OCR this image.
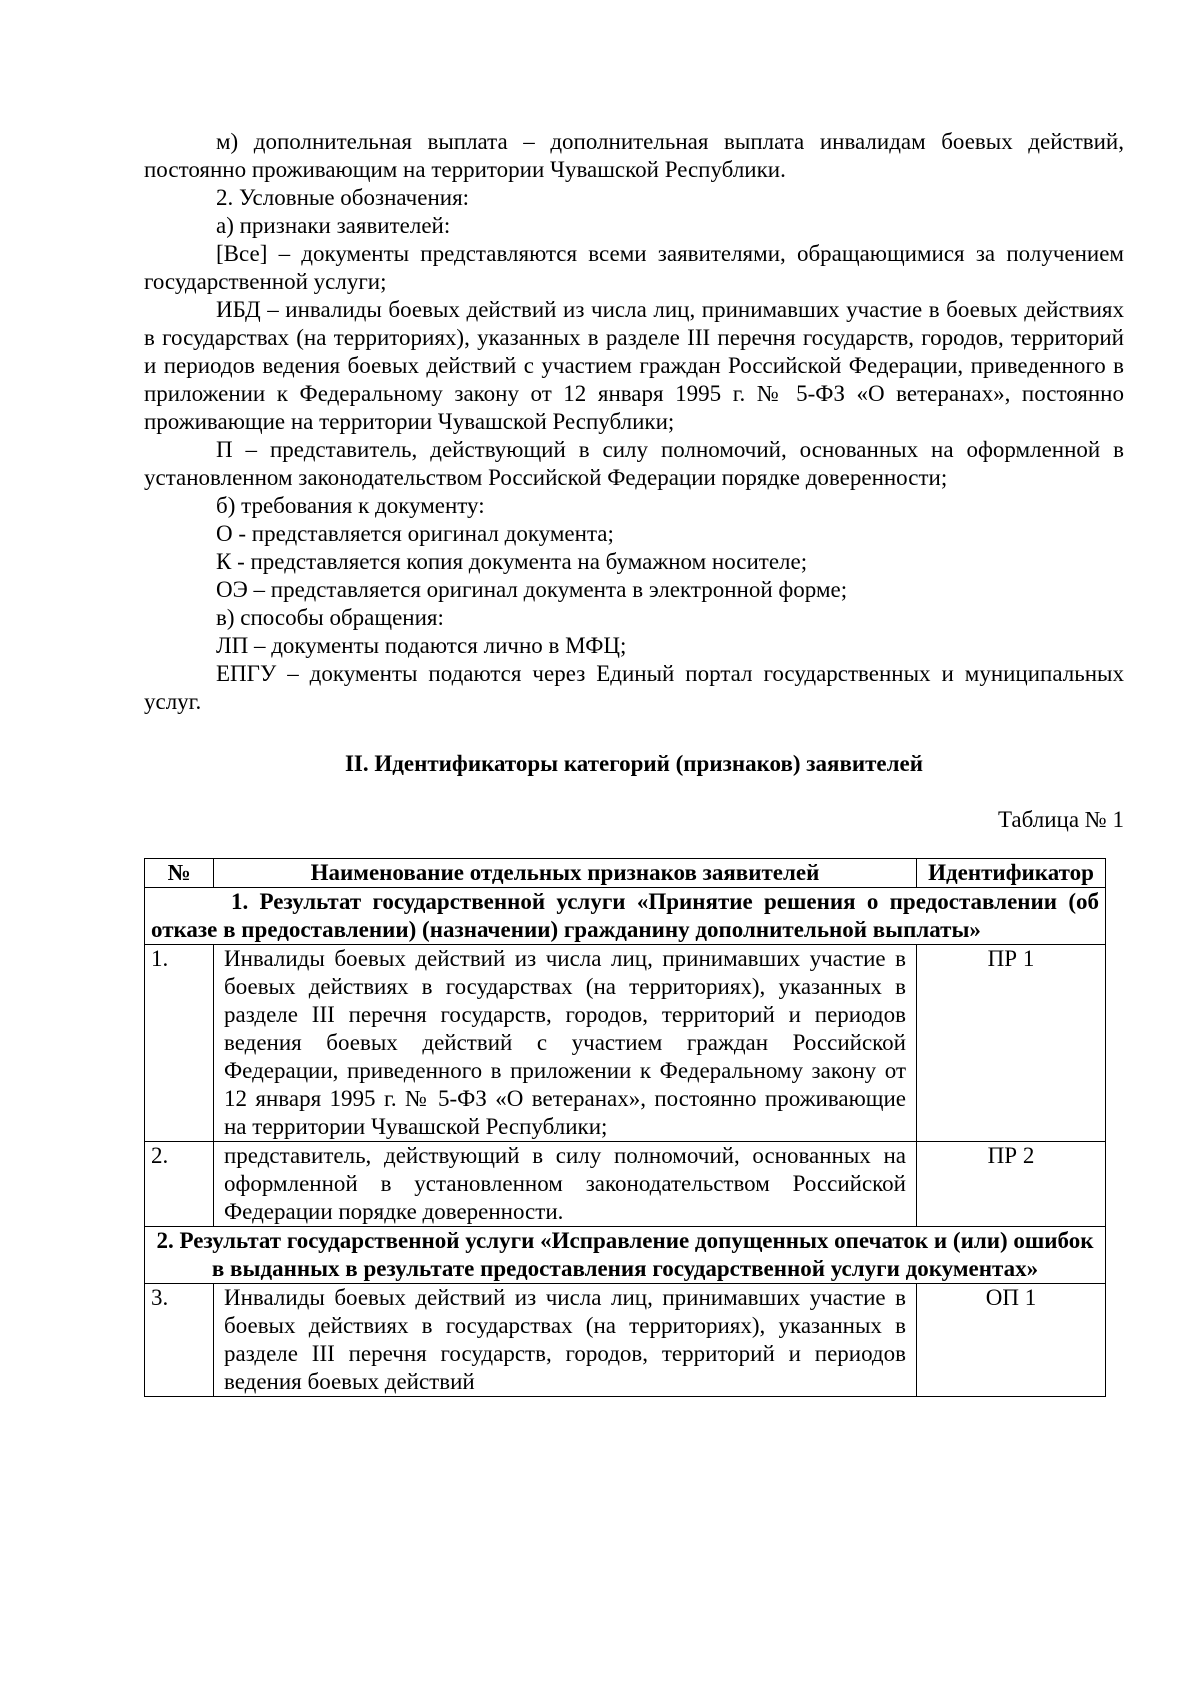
м) дополнительная выплата – дополнительная выплата инвалидам боевых действий, постоянно проживающим на территории Чувашской Республики.

2. Условные обозначения:

а) признаки заявителей:

[Все] – документы представляются всеми заявителями, обращающимися за получением государственной услуги;

ИБД – инвалиды боевых действий из числа лиц, принимавших участие в боевых действиях в государствах (на территориях), указанных в разделе III перечня государств, городов, территорий и периодов ведения боевых действий с участием граждан Российской Федерации, приведенного в приложении к Федеральному закону от 12 января 1995 г. № 5-ФЗ «О ветеранах», постоянно проживающие на территории Чувашской Республики;

П – представитель, действующий в силу полномочий, основанных на оформленной в установленном законодательством Российской Федерации порядке доверенности;

б) требования к документу:

О - представляется оригинал документа;

К - представляется копия документа на бумажном носителе;

ОЭ – представляется оригинал документа в электронной форме;

в) способы обращения:

ЛП – документы подаются лично в МФЦ;

ЕПГУ – документы подаются через Единый портал государственных и муниципальных услуг.

II. Идентификаторы категорий (признаков) заявителей
Таблица № 1
№	Наименование отдельных признаков заявителей	Идентификатор
1. Результат государственной услуги «Принятие решения о предоставлении (об отказе в предоставлении) (назначении) гражданину дополнительной выплаты»		
1.	Инвалиды боевых действий из числа лиц, принимавших участие в боевых действиях в государствах (на территориях), указанных в разделе III перечня государств, городов, территорий и периодов ведения боевых действий с участием граждан Российской Федерации, приведенного в приложении к Федеральному закону от 12 января 1995 г. № 5-ФЗ «О ветеранах», постоянно проживающие на территории Чувашской Республики;	ПР 1
2.	представитель, действующий в силу полномочий, основанных на оформленной в установленном законодательством Российской Федерации порядке доверенности.	ПР 2
2. Результат государственной услуги «Исправление допущенных опечаток и (или) ошибок в выданных в результате предоставления государственной услуги документах»		
3.	Инвалиды боевых действий из числа лиц, принимавших участие в боевых действиях в государствах (на территориях), указанных в разделе III перечня государств, городов, территорий и периодов ведения боевых действий	ОП 1
